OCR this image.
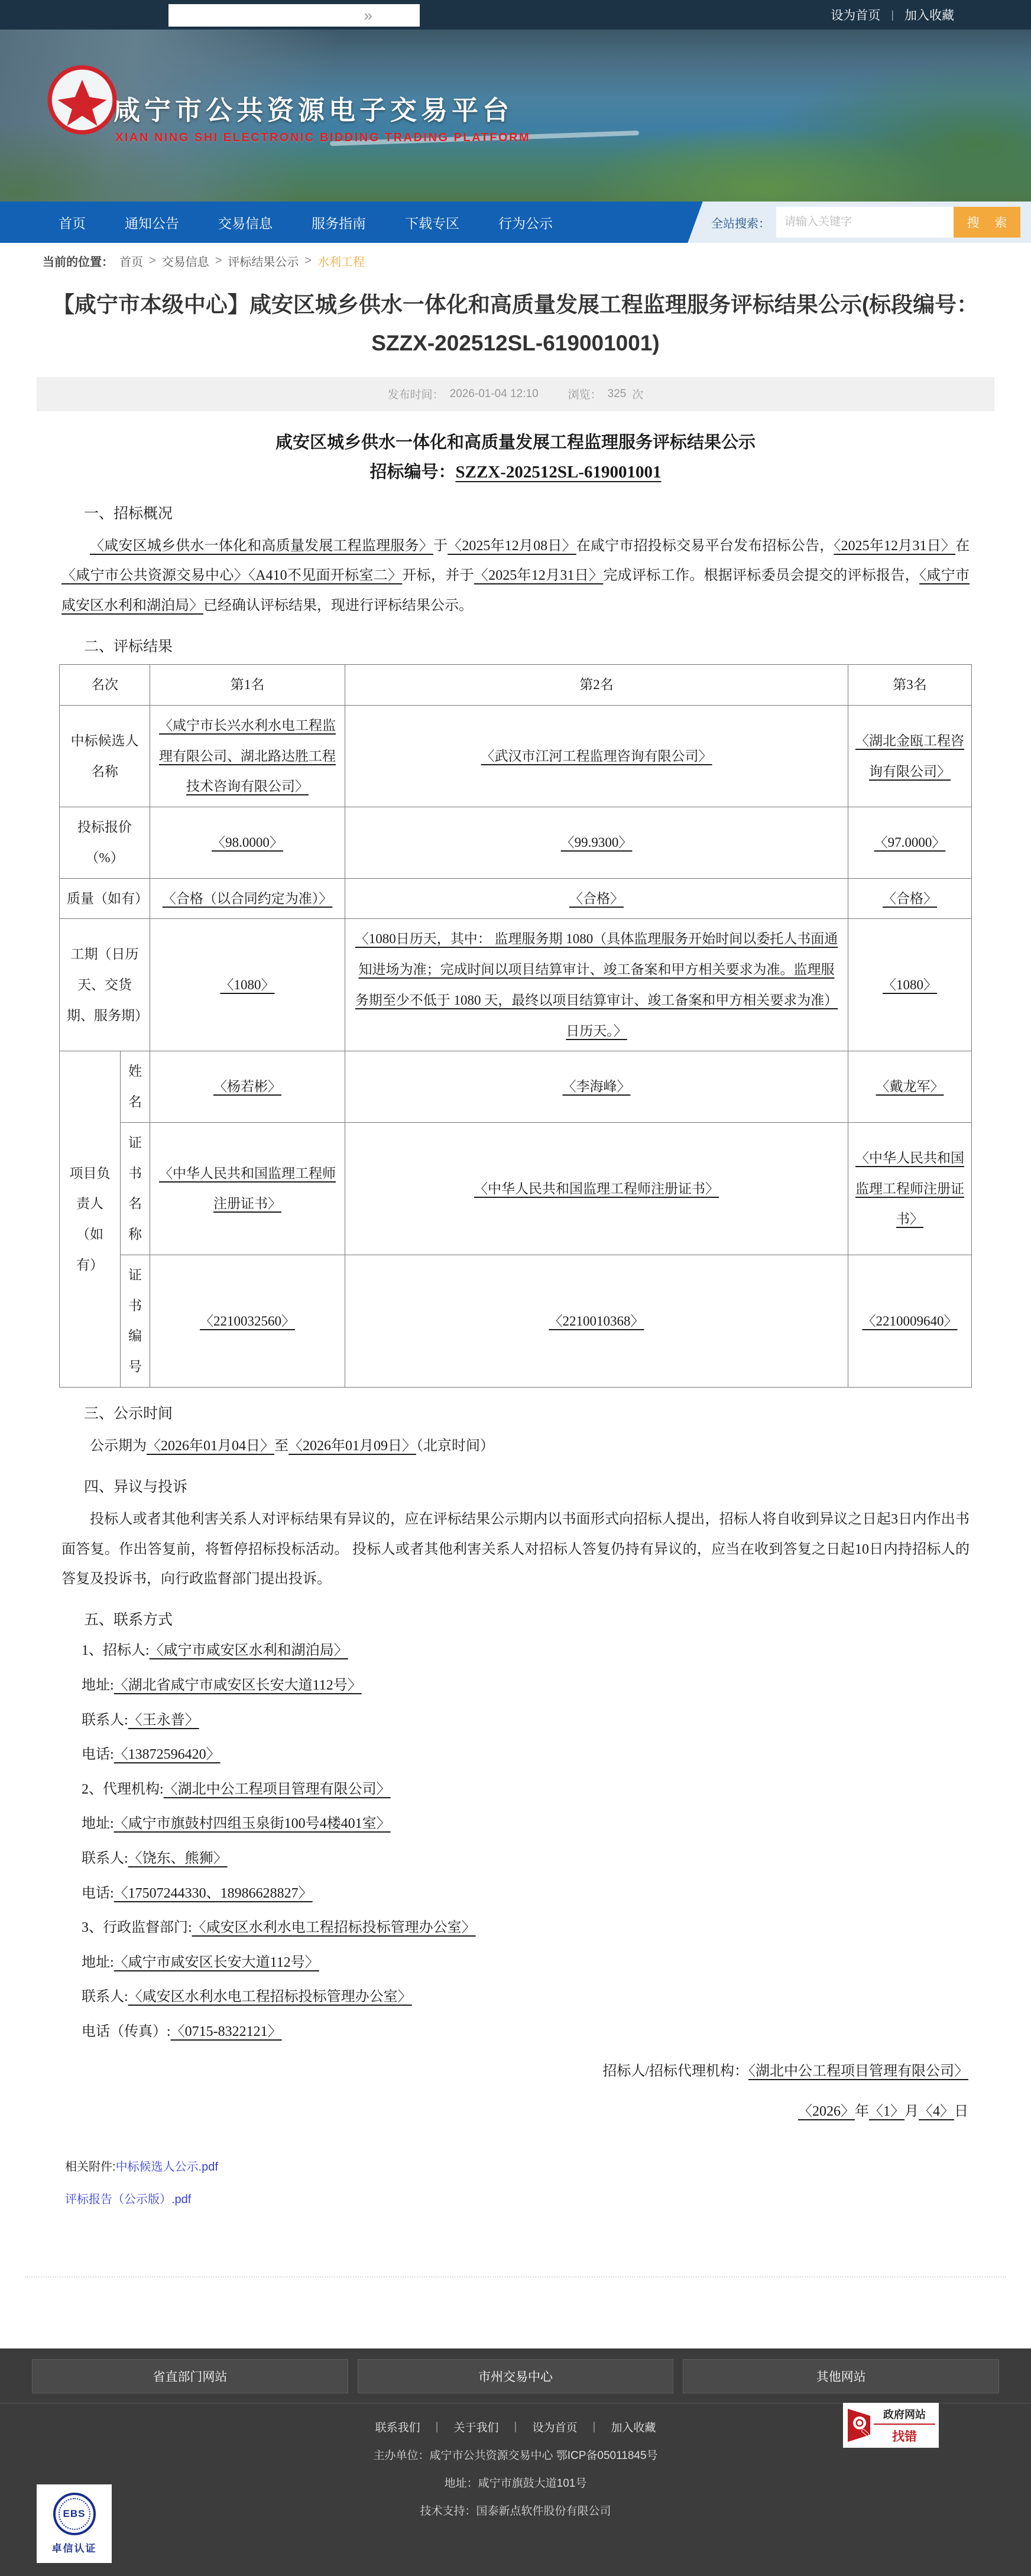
»	设为首页 | 加入收藏
咸宁市公共资源电子交易平台
XIAN NING SHI ELECTRONIC BIDDING TRADING PLATFORM
首页	通知公告	交易信息	服务指南	下载专区	行为公示	全站搜索：
请输入关键字	搜 索
当前的位置： 首页 > 交易信息 > 评标结果公示 > 水利工程
【咸宁市本级中心】咸安区城乡供水一体化和高质量发展工程监理服务评标结果公示(标段编号：SZZX-202512SL-619001001)
发布时间： 2026-01-04 12:10	浏览： 325 次
咸安区城乡供水一体化和高质量发展工程监理服务评标结果公示
招标编号：SZZX-202512SL-619001001
一、招标概况
〈咸安区城乡供水一体化和高质量发展工程监理服务〉于〈2025年12月08日〉在咸宁市招投标交易平台发布招标公告，〈2025年12月31日〉在〈咸宁市公共资源交易中心〉〈A410不见面开标室二〉开标，并于〈2025年12月31日〉完成评标工作。根据评标委员会提交的评标报告，〈咸宁市咸安区水利和湖泊局〉已经确认评标结果，现进行评标结果公示。
二、评标结果
名次		第1名	第2名	第3名
中标候选人名称		〈咸宁市长兴水利水电工程监理有限公司、湖北路达胜工程技术咨询有限公司〉	〈武汉市江河工程监理咨询有限公司〉	〈湖北金瓯工程咨询有限公司〉
投标报价（%）		〈98.0000〉	〈99.9300〉	〈97.0000〉
质量（如有）		〈合格（以合同约定为准）〉	〈合格〉	〈合格〉
工期（日历天、交货期、服务期）		〈1080〉	〈1080日历天，其中： 监理服务期 1080（具体监理服务开始时间以委托人书面通知进场为准；完成时间以项目结算审计、竣工备案和甲方相关要求为准。监理服务期至少不低于 1080 天，最终以项目结算审计、竣工备案和甲方相关要求为准）日历天。〉	〈1080〉
项目负责人（如有）	姓名	〈杨若彬〉	〈李海峰〉	〈戴龙军〉
	证书名称	〈中华人民共和国监理工程师注册证书〉	〈中华人民共和国监理工程师注册证书〉	〈中华人民共和国监理工程师注册证书〉
	证书编号	〈2210032560〉	〈2210010368〉	〈2210009640〉
三、公示时间
公示期为〈2026年01月04日〉至〈2026年01月09日〉（北京时间）
四、异议与投诉
投标人或者其他利害关系人对评标结果有异议的，应在评标结果公示期内以书面形式向招标人提出，招标人将自收到异议之日起3日内作出书面答复。作出答复前，将暂停招标投标活动。 投标人或者其他利害关系人对招标人答复仍持有异议的，应当在收到答复之日起10日内持招标人的答复及投诉书，向行政监督部门提出投诉。
五、联系方式
1、招标人:〈咸宁市咸安区水利和湖泊局〉
地址:〈湖北省咸宁市咸安区长安大道112号〉
联系人:〈王永普〉
电话:〈13872596420〉
2、代理机构:〈湖北中公工程项目管理有限公司〉
地址:〈咸宁市旗鼓村四组玉泉街100号4楼401室〉
联系人:〈饶东、熊狮〉
电话:〈17507244330、18986628827〉
3、行政监督部门:〈咸安区水利水电工程招标投标管理办公室〉
地址:〈咸宁市咸安区长安大道112号〉
联系人:〈咸安区水利水电工程招标投标管理办公室〉
电话（传真）:〈0715-8322121〉
招标人/招标代理机构：〈湖北中公工程项目管理有限公司〉
〈2026〉年〈1〉月〈4〉日
相关附件:中标候选人公示.pdf
评标报告（公示版）.pdf
省直部门网站	市州交易中心	其他网站
联系我们 | 关于我们 | 设为首页 | 加入收藏
主办单位：咸宁市公共资源交易中心 鄂ICP备05011845号
地址：咸宁市旗鼓大道101号
技术支持：国泰新点软件股份有限公司
政府网站
找错
EBS
卓信认证
